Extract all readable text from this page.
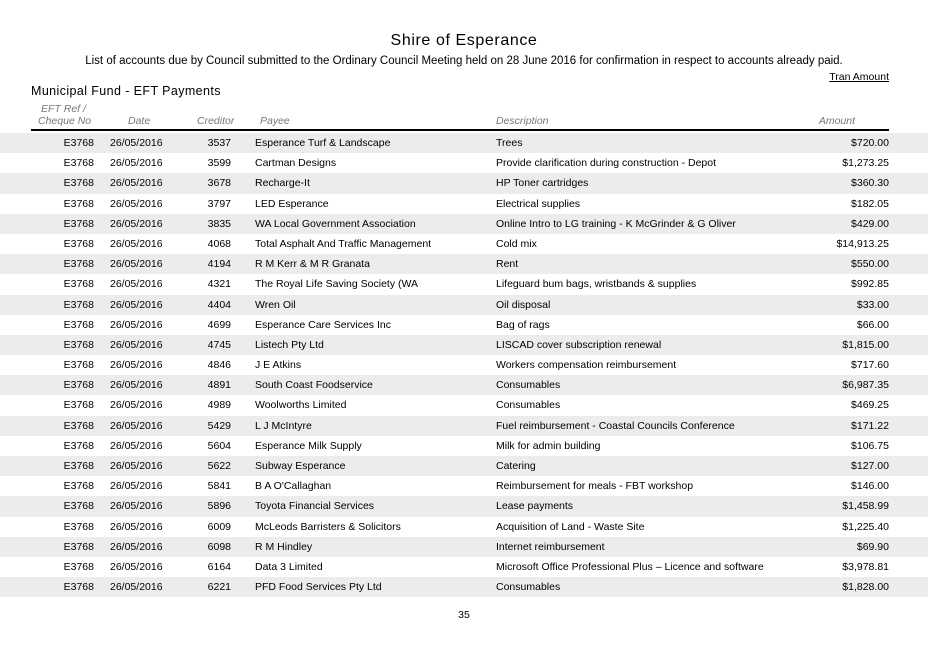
Shire of Esperance
List of accounts due by Council submitted to the Ordinary Council Meeting held on 28 June 2016 for confirmation in respect to accounts already paid.
Tran Amount
Municipal Fund - EFT Payments
EFT Ref /
Cheque No	Date	Creditor Payee	Description	Amount
E3768 26/05/2016	3537 Esperance Turf & Landscape	Trees	$720.00
E3768 26/05/2016	3599 Cartman Designs	Provide clarification during construction - Depot	$1,273.25
E3768 26/05/2016	3678 Recharge-It	HP Toner cartridges	$360.30
E3768 26/05/2016	3797 LED Esperance	Electrical supplies	$182.05
E3768 26/05/2016	3835 WA Local Government Association	Online Intro to LG training - K McGrinder & G Oliver	$429.00
E3768 26/05/2016	4068 Total Asphalt And Traffic Management	Cold mix	$14,913.25
E3768 26/05/2016	4194 R M Kerr & M R Granata	Rent	$550.00
E3768 26/05/2016	4321 The Royal Life Saving Society (WA	Lifeguard bum bags, wristbands & supplies	$992.85
E3768 26/05/2016	4404 Wren Oil	Oil disposal	$33.00
E3768 26/05/2016	4699 Esperance Care Services Inc	Bag of rags	$66.00
E3768 26/05/2016	4745 Listech Pty Ltd	LISCAD cover subscription renewal	$1,815.00
E3768 26/05/2016	4846 J E Atkins	Workers compensation reimbursement	$717.60
E3768 26/05/2016	4891 South Coast Foodservice	Consumables	$6,987.35
E3768 26/05/2016	4989 Woolworths Limited	Consumables	$469.25
E3768 26/05/2016	5429 L J McIntyre	Fuel reimbursement - Coastal Councils Conference	$171.22
E3768 26/05/2016	5604 Esperance Milk Supply	Milk for admin building	$106.75
E3768 26/05/2016	5622 Subway Esperance	Catering	$127.00
E3768 26/05/2016	5841 B A O'Callaghan	Reimbursement for meals - FBT workshop	$146.00
E3768 26/05/2016	5896 Toyota Financial Services	Lease payments	$1,458.99
E3768 26/05/2016	6009 McLeods Barristers & Solicitors	Acquisition of Land - Waste Site	$1,225.40
E3768 26/05/2016	6098 R M Hindley	Internet reimbursement	$69.90
E3768 26/05/2016	6164 Data 3 Limited	Microsoft Office Professional Plus – Licence and software	$3,978.81
E3768 26/05/2016	6221 PFD Food Services Pty Ltd	Consumables	$1,828.00
35
